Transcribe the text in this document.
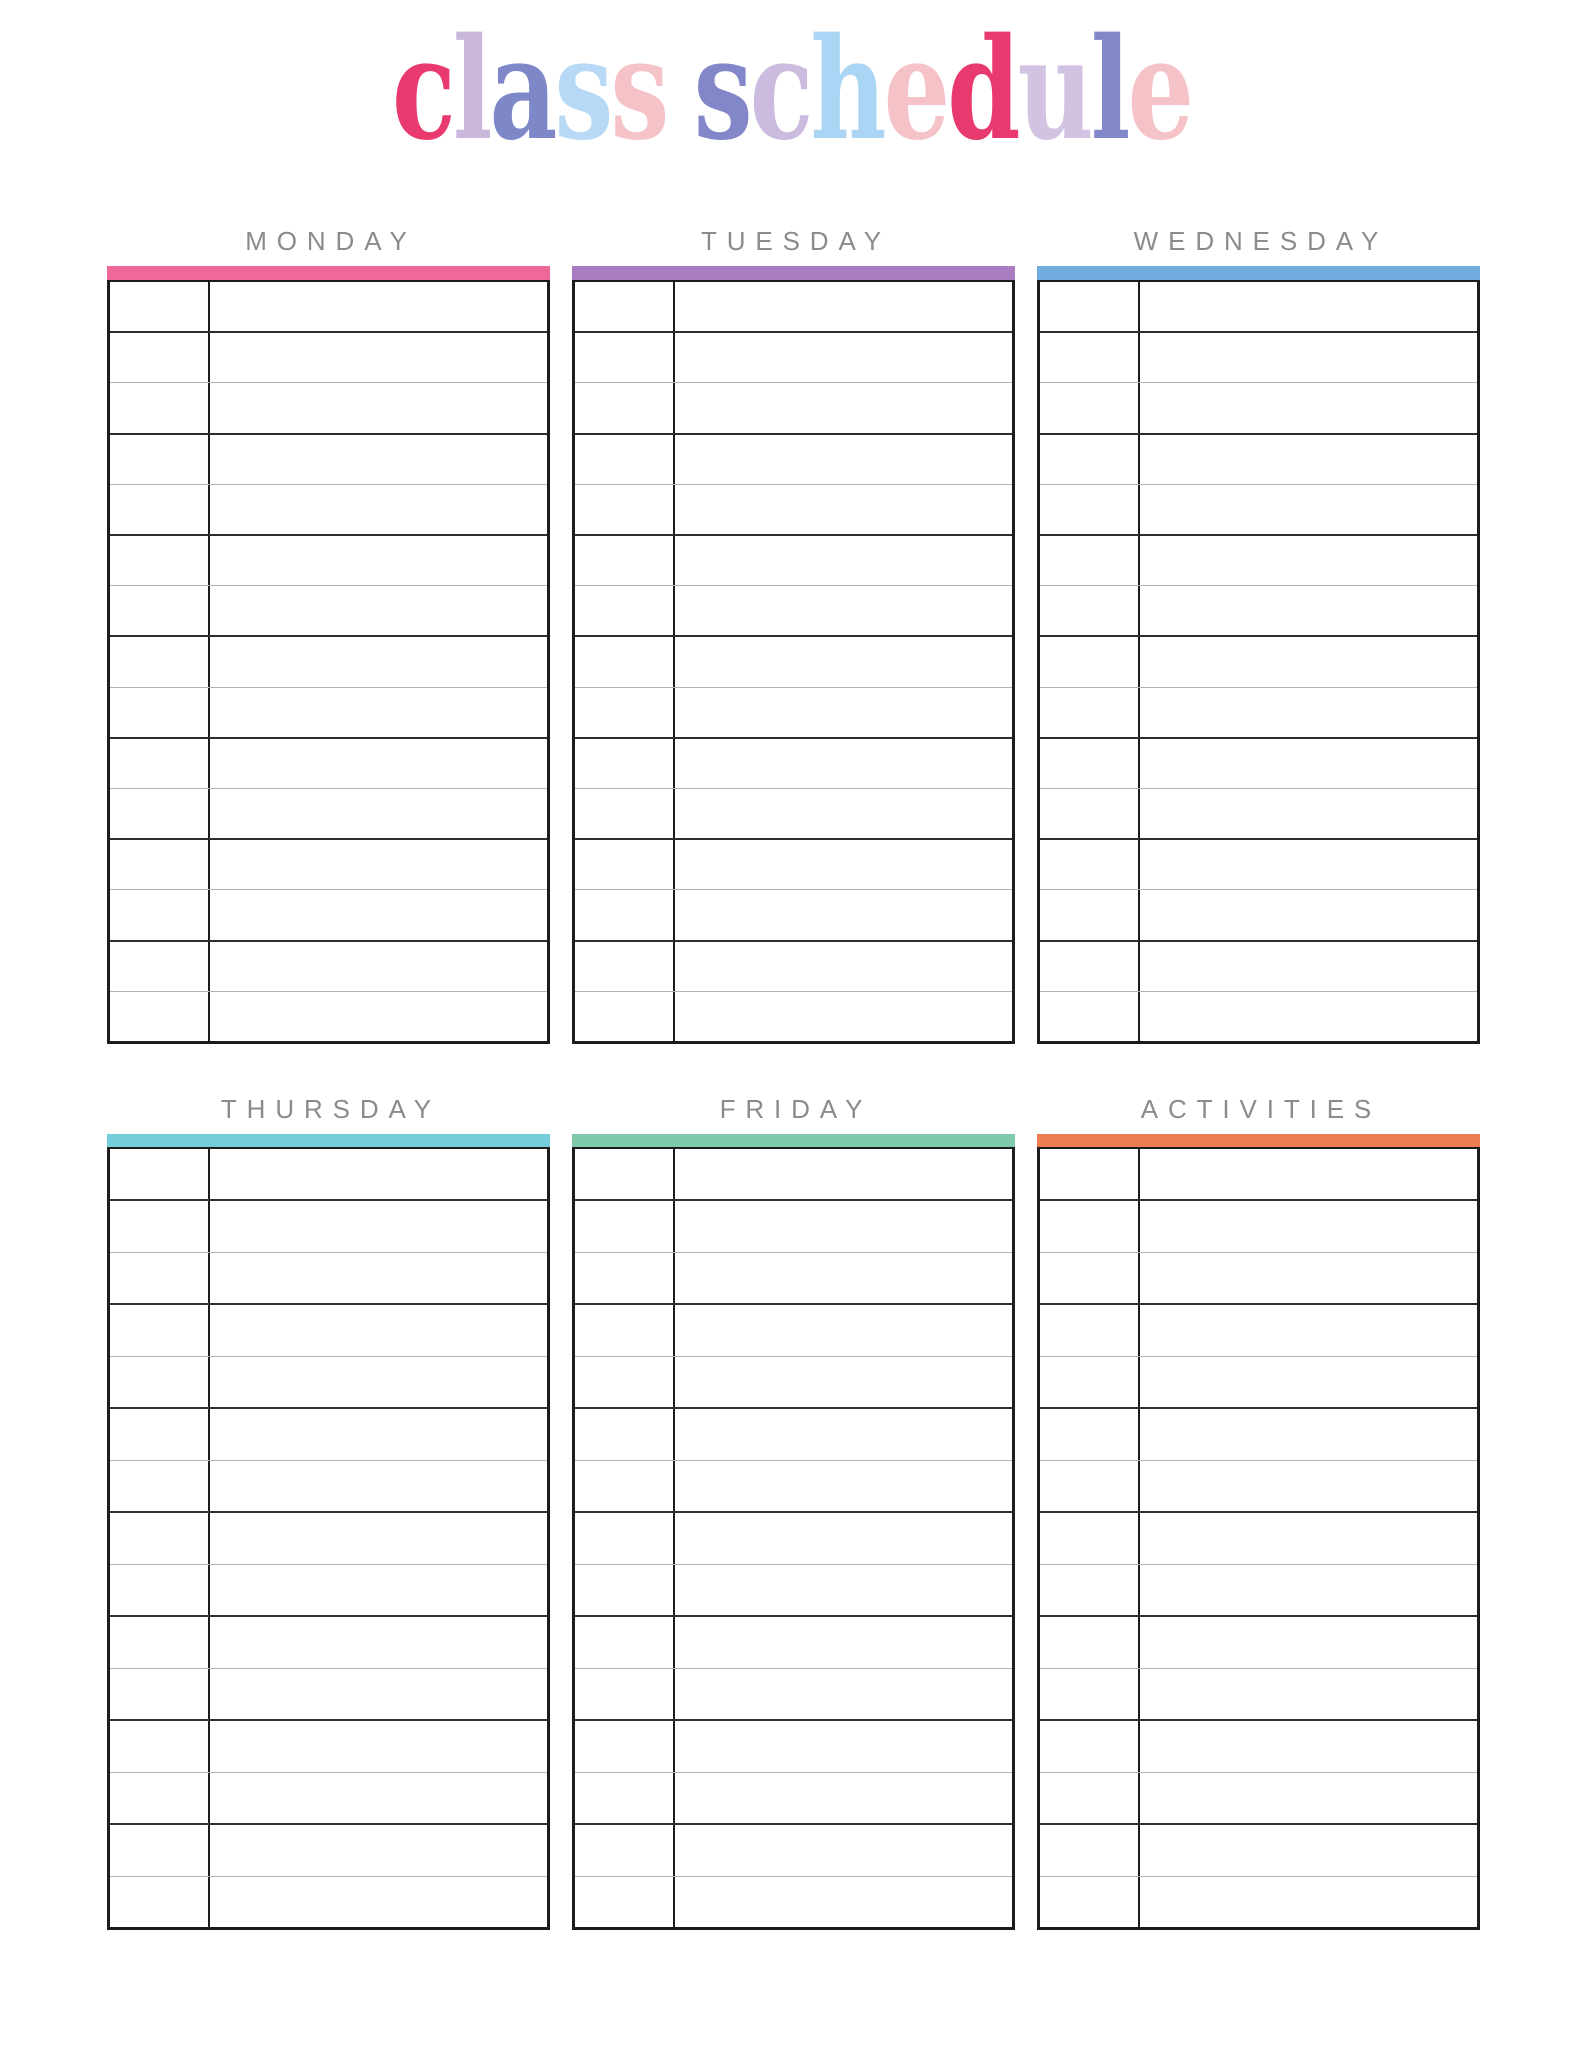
class schedule
MONDAY	TUESDAY	WEDNESDAY
THURSDAY	FRIDAY	ACTIVITIES
